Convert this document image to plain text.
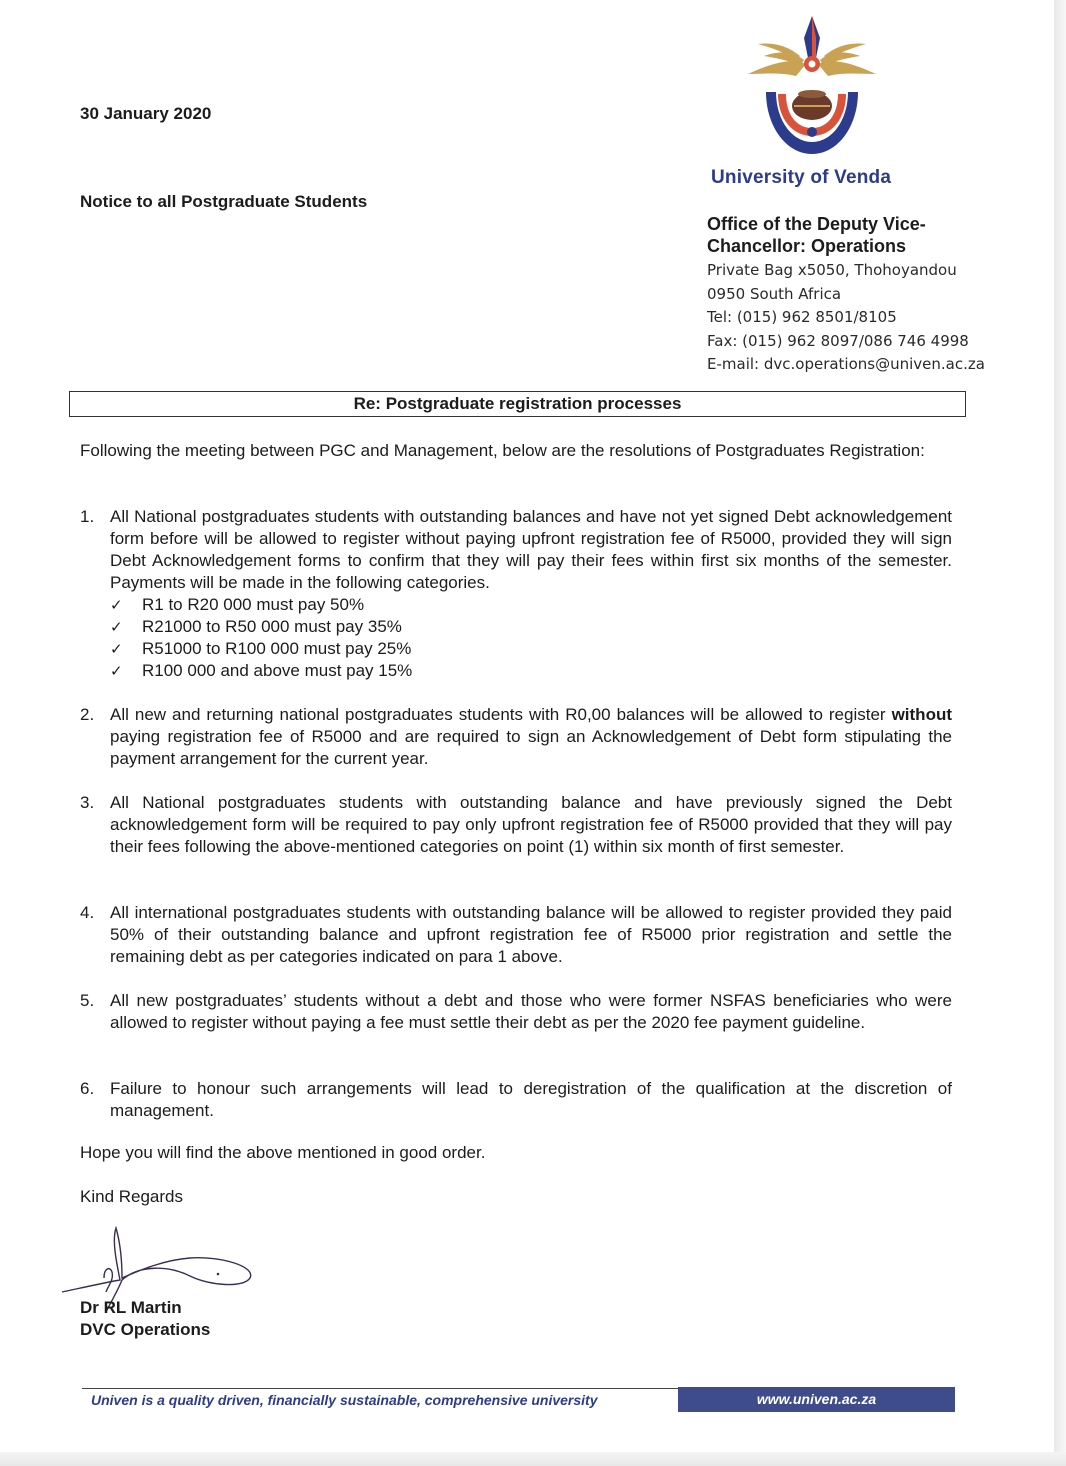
30 January 2020
Notice to all Postgraduate Students
University of Venda
Office of the Deputy Vice-
Chancellor: Operations
Private Bag x5050, Thohoyandou
0950 South Africa
Tel: (015) 962 8501/8105
Fax: (015) 962 8097/086 746 4998
E-mail: dvc.operations@univen.ac.za
Re: Postgraduate registration processes
Following the meeting between PGC and Management, below are the resolutions of Postgraduates Registration:
1. All National postgraduates students with outstanding balances and have not yet signed Debt acknowledgement form before will be allowed to register without paying upfront registration fee of R5000, provided they will sign Debt Acknowledgement forms to confirm that they will pay their fees within first six months of the semester. Payments will be made in the following categories.
✓ R1 to R20 000 must pay 50%
✓ R21000 to R50 000 must pay 35%
✓ R51000 to R100 000 must pay 25%
✓ R100 000 and above must pay 15%
2. All new and returning national postgraduates students with R0,00 balances will be allowed to register without paying registration fee of R5000 and are required to sign an Acknowledgement of Debt form stipulating the payment arrangement for the current year.
3. All National postgraduates students with outstanding balance and have previously signed the Debt acknowledgement form will be required to pay only upfront registration fee of R5000 provided that they will pay their fees following the above-mentioned categories on point (1) within six month of first semester.
4. All international postgraduates students with outstanding balance will be allowed to register provided they paid 50% of their outstanding balance and upfront registration fee of R5000 prior registration and settle the remaining debt as per categories indicated on para 1 above.
5. All new postgraduates’ students without a debt and those who were former NSFAS beneficiaries who were allowed to register without paying a fee must settle their debt as per the 2020 fee payment guideline.
6. Failure to honour such arrangements will lead to deregistration of the qualification at the discretion of management.
Hope you will find the above mentioned in good order.
Kind Regards
Dr RL Martin
DVC Operations
Univen is a quality driven, financially sustainable, comprehensive university	www.univen.ac.za
